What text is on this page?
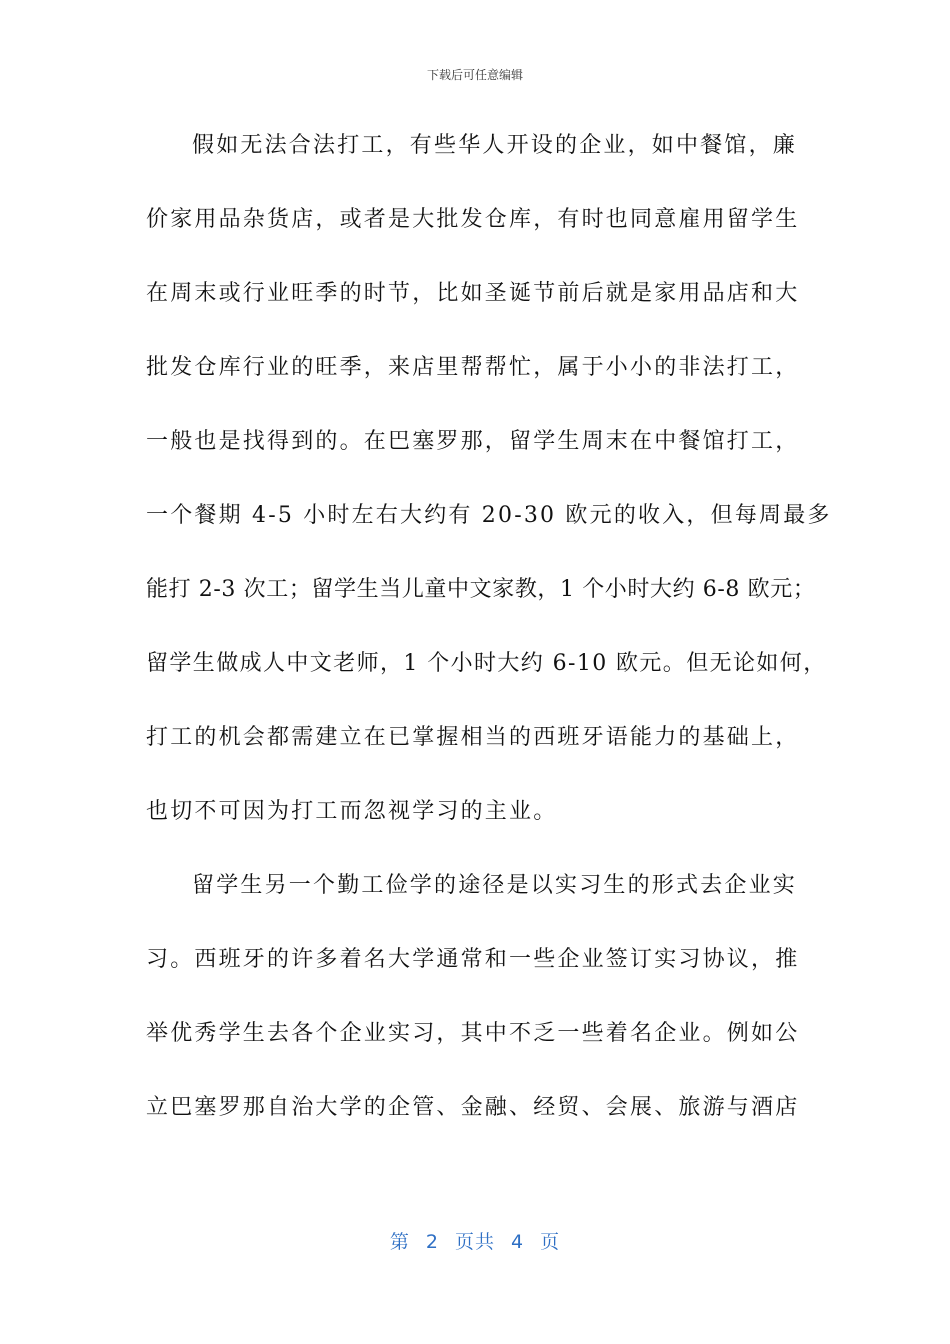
下载后可任意编辑
假如无法合法打工，有些华人开设的企业，如中餐馆，廉
价家用品杂货店，或者是大批发仓库，有时也同意雇用留学生
在周末或行业旺季的时节，比如圣诞节前后就是家用品店和大
批发仓库行业的旺季，来店里帮帮忙，属于小小的非法打工，
一般也是找得到的。在巴塞罗那，留学生周末在中餐馆打工，
一个餐期 4-5 小时左右大约有 20-30 欧元的收入，但每周最多
能打 2-3 次工；留学生当儿童中文家教，1 个小时大约 6-8 欧元；
留学生做成人中文老师，1 个小时大约 6-10 欧元。但无论如何，
打工的机会都需建立在已掌握相当的西班牙语能力的基础上，
也切不可因为打工而忽视学习的主业。
留学生另一个勤工俭学的途径是以实习生的形式去企业实
习。西班牙的许多着名大学通常和一些企业签订实习协议，推
举优秀学生去各个企业实习，其中不乏一些着名企业。例如公
立巴塞罗那自治大学的企管、金融、经贸、会展、旅游与酒店
第 2 页共 4 页
